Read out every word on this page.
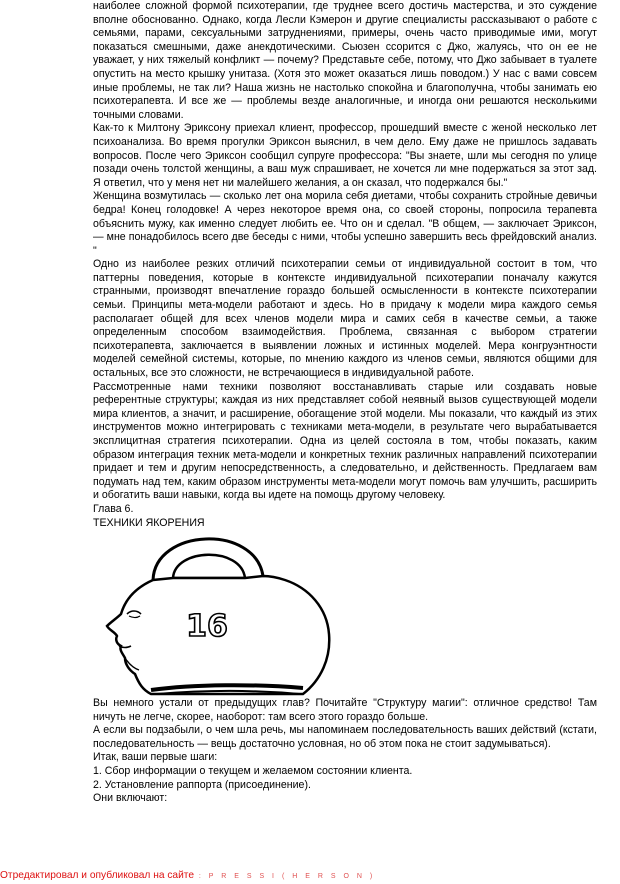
наиболее сложной формой психотерапии, где труднее всего достичь мастерства, и это суждение вполне обоснованно. Однако, когда Лесли Кэмерон и другие специалисты рассказывают о работе с семьями, парами, сексуальными затруднениями, примеры, очень часто приводимые ими, могут показаться смешными, даже анекдотическими. Сьюзен ссорится с Джо, жалуясь, что он ее не уважает, у них тяжелый конфликт — почему? Представьте себе, потому, что Джо забывает в туалете опустить на место крышку унитаза. (Хотя это может оказаться лишь поводом.) У нас с вами совсем иные проблемы, не так ли? Наша жизнь не настолько спокойна и благополучна, чтобы занимать ею психотерапевта. И все же — проблемы везде аналогичные, и иногда они решаются несколькими точными словами.

Как-то к Милтону Эриксону приехал клиент, профессор, прошедший вместе с женой несколько лет психоанализа. Во время прогулки Эриксон выяснил, в чем дело. Ему даже не пришлось задавать вопросов. После чего Эриксон сообщил супруге профессора: "Вы знаете, шли мы сегодня по улице позади очень толстой женщины, а ваш муж спрашивает, не хочется ли мне подержаться за этот зад. Я ответил, что у меня нет ни малейшего желания, а он сказал, что подержался бы."

Женщина возмутилась — сколько лет она морила себя диетами, чтобы сохранить стройные девичьи бедра! Конец голодовке! А через некоторое время она, со своей стороны, попросила терапевта объяснить мужу, как именно следует любить ее. Что он и сделал. "В общем, — заключает Эриксон, — мне понадобилось всего две беседы с ними, чтобы успешно завершить весь фрейдовский анализ. "

Одно из наиболее резких отличий психотерапии семьи от индивидуальной состоит в том, что паттерны поведения, которые в контексте индивидуальной психотерапии поначалу кажутся странными, производят впечатление гораздо большей осмысленности в контексте психотерапии семьи. Принципы мета-модели работают и здесь. Но в придачу к модели мира каждого семья располагает общей для всех членов модели мира и самих себя в качестве семьи, а также определенным способом взаимодействия. Проблема, связанная с выбором стратегии психотерапевта, заключается в выявлении ложных и истинных моделей. Мера конгруэнтности моделей семейной системы, которые, по мнению каждого из членов семьи, являются общими для остальных, все это сложности, не встречающиеся в индивидуальной работе.

Рассмотренные нами техники позволяют восстанавливать старые или создавать новые референтные структуры; каждая из них представляет собой неявный вызов существующей модели мира клиентов, а значит, и расширение, обогащение этой модели. Мы показали, что каждый из этих инструментов можно интегрировать с техниками мета-модели, в результате чего вырабатывается эксплицитная стратегия психотерапии. Одна из целей состояла в том, чтобы показать, каким образом интеграция техник мета-модели и конкретных техник различных направлений психотерапии придает и тем и другим непосредственность, а следовательно, и действенность. Предлагаем вам подумать над тем, каким образом инструменты мета-модели могут помочь вам улучшить, расширить и обогатить ваши навыки, когда вы идете на помощь другому человеку.

Глава 6.

ТЕХНИКИ ЯКОРЕНИЯ

16

Вы немного устали от предыдущих глав? Почитайте "Структуру магии": отличное средство! Там ничуть не легче, скорее, наоборот: там всего этого гораздо больше.

А если вы подзабыли, о чем шла речь, мы напоминаем последовательность ваших действий (кстати, последовательность — вещь достаточно условная, но об этом пока не стоит задумываться).

Итак, ваши первые шаги:

1. Сбор информации о текущем и желаемом состоянии клиента.

2. Установление раппорта (присоединение).

Они включают:

Отредактировал и опубликовал на сайте : P R E S S I ( H E R S O N )
